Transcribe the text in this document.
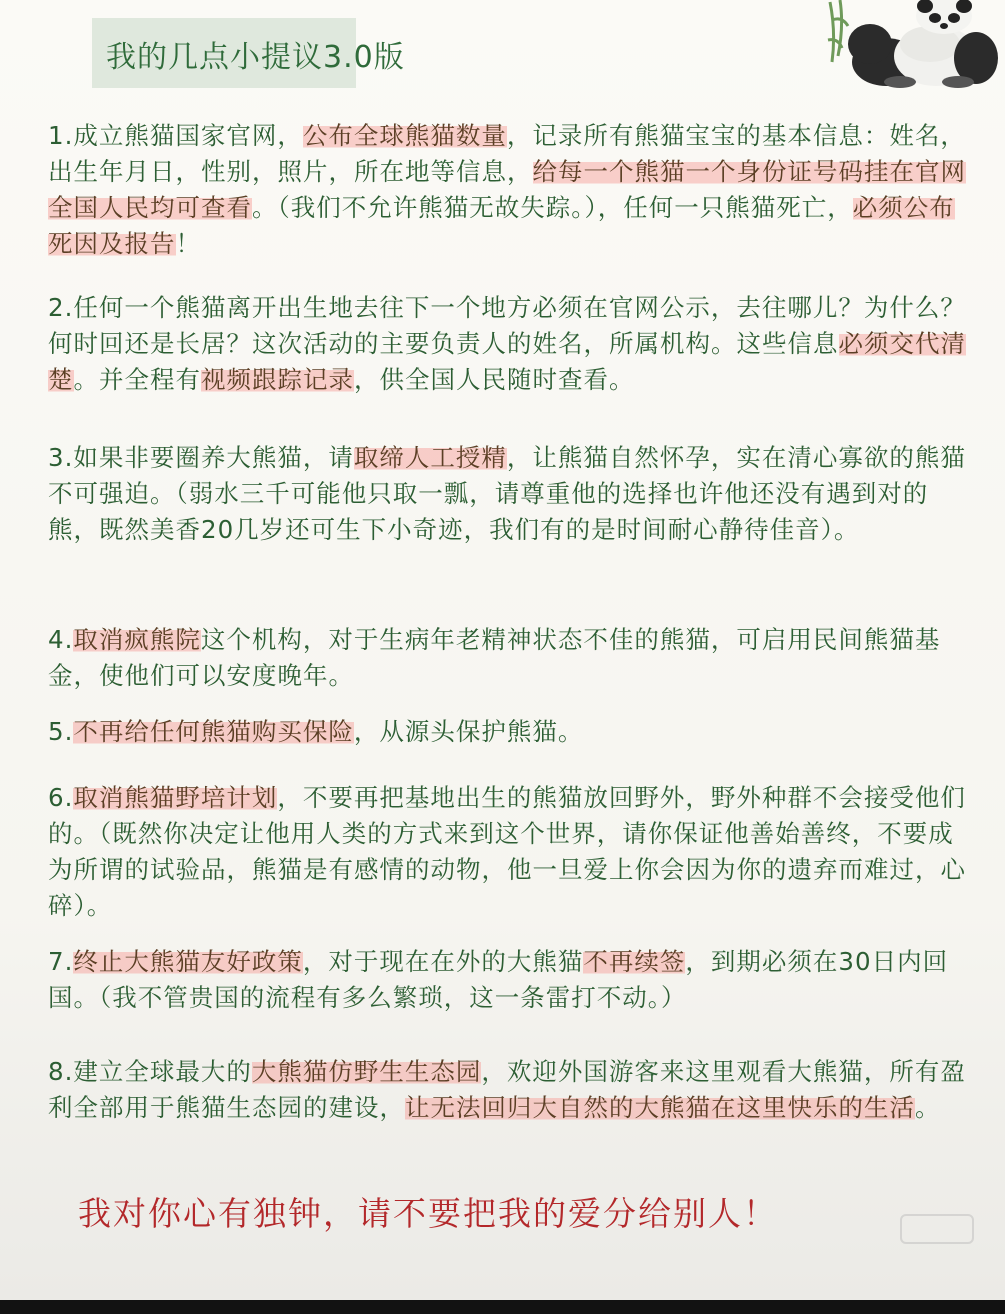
我的几点小提议3.0版

1.成立熊猫国家官网，公布全球熊猫数量，记录所有熊猫宝宝的基本信息：姓名，出生年月日，性别，照片，所在地等信息，给每一个熊猫一个身份证号码挂在官网全国人民均可查看。（我们不允许熊猫无故失踪。），任何一只熊猫死亡，必须公布死因及报告！

2.任何一个熊猫离开出生地去往下一个地方必须在官网公示，去往哪儿？为什么？何时回还是长居？这次活动的主要负责人的姓名，所属机构。这些信息必须交代清楚。并全程有视频跟踪记录，供全国人民随时查看。

3.如果非要圈养大熊猫，请取缔人工授精，让熊猫自然怀孕，实在清心寡欲的熊猫不可强迫。（弱水三千可能他只取一瓢，请尊重他的选择也许他还没有遇到对的熊，既然美香20几岁还可生下小奇迹，我们有的是时间耐心静待佳音）。

4.取消疯熊院这个机构，对于生病年老精神状态不佳的熊猫，可启用民间熊猫基金，使他们可以安度晚年。

5.不再给任何熊猫购买保险，从源头保护熊猫。

6.取消熊猫野培计划，不要再把基地出生的熊猫放回野外，野外种群不会接受他们的。（既然你决定让他用人类的方式来到这个世界，请你保证他善始善终，不要成为所谓的试验品，熊猫是有感情的动物，他一旦爱上你会因为你的遗弃而难过，心碎）。

7.终止大熊猫友好政策，对于现在在外的大熊猫不再续签，到期必须在30日内回国。（我不管贵国的流程有多么繁琐，这一条雷打不动。）

8.建立全球最大的大熊猫仿野生生态园，欢迎外国游客来这里观看大熊猫，所有盈利全部用于熊猫生态园的建设，让无法回归大自然的大熊猫在这里快乐的生活。

我对你心有独钟，请不要把我的爱分给别人！
